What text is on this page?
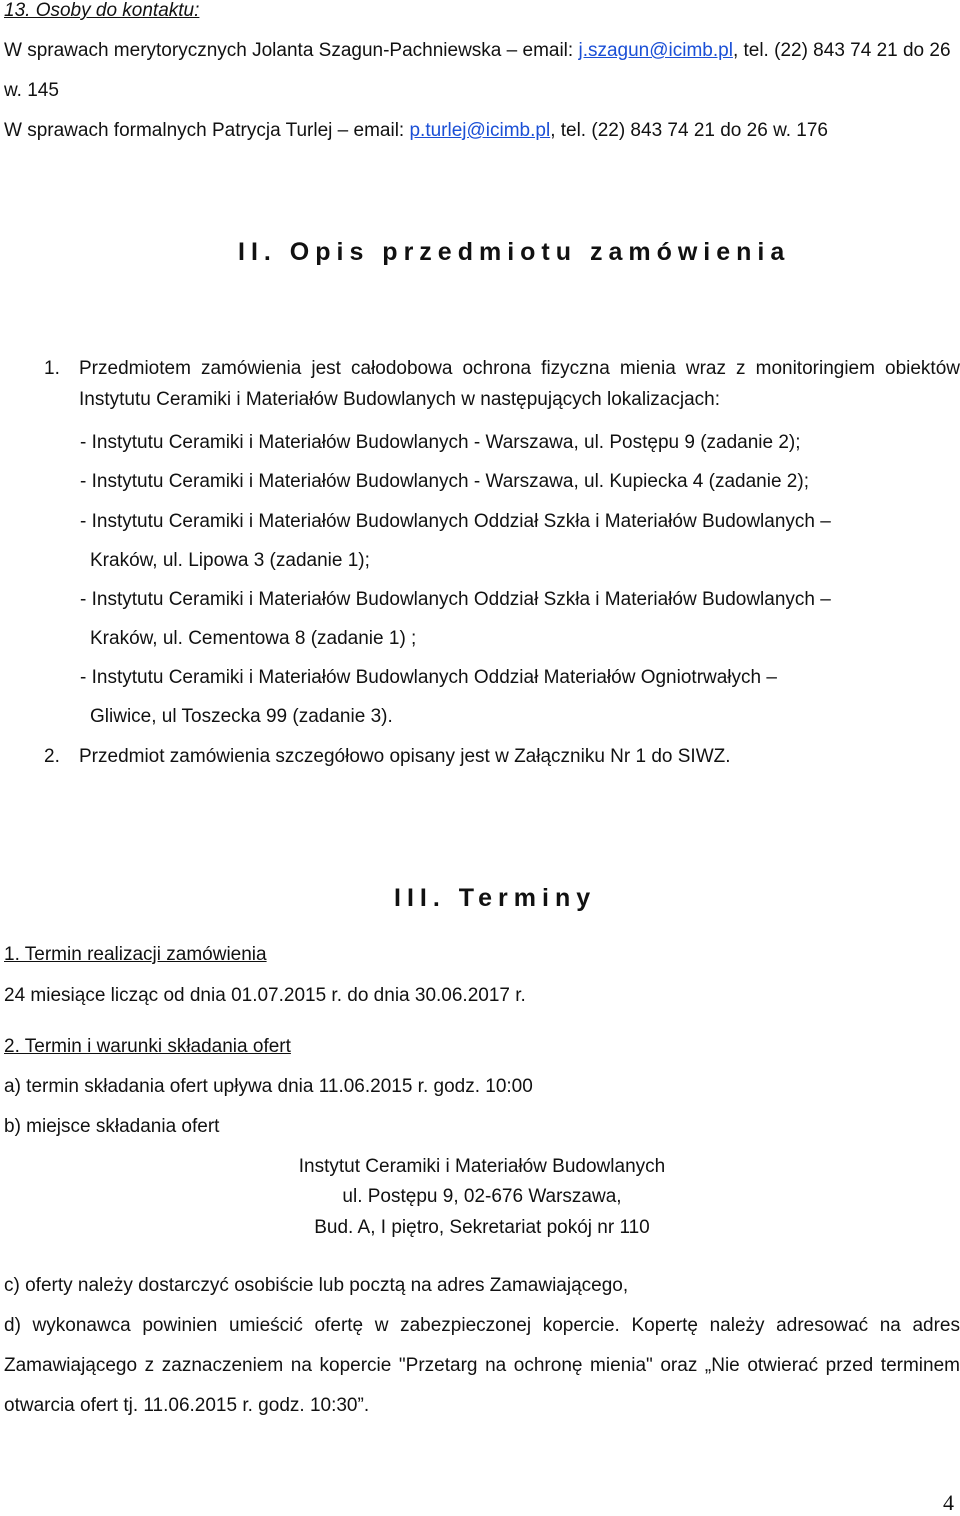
13. Osoby do kontaktu:
W sprawach merytorycznych Jolanta Szagun-Pachniewska – email: j.szagun@icimb.pl, tel. (22) 843 74 21 do 26
w. 145
W sprawach formalnych Patrycja Turlej – email: p.turlej@icimb.pl, tel. (22) 843 74 21 do 26 w. 176
II. Opis przedmiotu zamówienia
1. Przedmiotem zamówienia jest całodobowa ochrona fizyczna mienia wraz z monitoringiem obiektów
Instytutu Ceramiki i Materiałów Budowlanych w następujących lokalizacjach:
- Instytutu Ceramiki i Materiałów Budowlanych - Warszawa, ul. Postępu 9 (zadanie 2);
- Instytutu Ceramiki i Materiałów Budowlanych - Warszawa, ul. Kupiecka 4 (zadanie 2);
- Instytutu Ceramiki i Materiałów Budowlanych Oddział Szkła i Materiałów Budowlanych –
Kraków, ul. Lipowa 3 (zadanie 1);
- Instytutu Ceramiki i Materiałów Budowlanych Oddział Szkła i Materiałów Budowlanych –
Kraków, ul. Cementowa 8 (zadanie 1) ;
- Instytutu Ceramiki i Materiałów Budowlanych Oddział Materiałów Ogniotrwałych –
Gliwice, ul Toszecka 99 (zadanie 3).
2. Przedmiot zamówienia szczegółowo opisany jest w Załączniku Nr 1 do SIWZ.
III. Terminy
1. Termin realizacji zamówienia
24 miesiące licząc od dnia 01.07.2015 r. do dnia 30.06.2017 r.
2. Termin i warunki składania ofert
a) termin składania ofert upływa dnia 11.06.2015 r. godz. 10:00
b) miejsce składania ofert
Instytut Ceramiki i Materiałów Budowlanych
ul. Postępu 9, 02-676 Warszawa,
Bud. A, I piętro, Sekretariat pokój nr 110
c) oferty należy dostarczyć osobiście lub pocztą na adres Zamawiającego,
d) wykonawca powinien umieścić ofertę w zabezpieczonej kopercie. Kopertę należy adresować na adres
Zamawiającego z zaznaczeniem na kopercie "Przetarg na ochronę mienia" oraz „Nie otwierać przed terminem
otwarcia ofert tj. 11.06.2015 r. godz. 10:30”.
4
